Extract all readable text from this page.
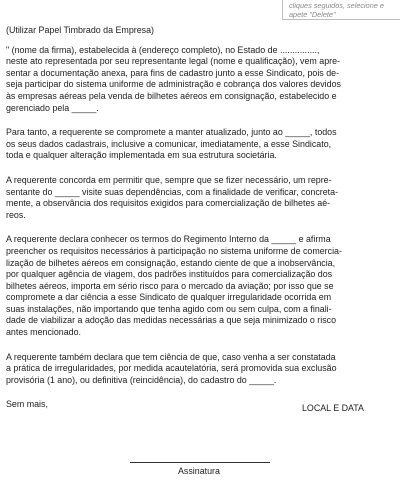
cliques seguidos, selecione e
apete "Delete"

(Utilizar Papel Timbrado da Empresa)

" (nome da firma), estabelecida à (endereço completo), no Estado de ...............,
neste ato representada por seu representante legal (nome e qualificação), vem apre-
sentar a documentação anexa, para fins de cadastro junto a esse Sindicato, pois de-
seja participar do sistema uniforme de administração e cobrança dos valores devidos
às empresas aéreas pela venda de bilhetes aéreos em consignação, estabelecido e
gerenciado pela _____.

Para tanto, a requerente se compromete a manter atualizado, junto ao _____, todos
os seus dados cadastrais, inclusive a comunicar, imediatamente, a esse Sindicato,
toda e qualquer alteração implementada em sua estrutura societária.

A requerente concorda em permitir que, sempre que se fizer necessário, um repre-
sentante do _____ visite suas dependências, com a finalidade de verificar, concreta-
mente, a observância dos requisitos exigidos para comercialização de bilhetes aé-
reos.

A requerente declara conhecer os termos do Regimento Interno da _____ e afirma
preencher os requisitos necessários à participação no sistema uniforme de comercia-
lização de bilhetes aéreos em consignação, estando ciente de que a inobservância,
por qualquer agência de viagem, dos padrões instituídos para comercialização dos
bilhetes aéreos, importa em sério risco para o mercado da aviação; por isso que se
compromete a dar ciência a esse Sindicato de qualquer irregularidade ocorrida em
suas instalações, não importando que tenha agido com ou sem culpa, com a finali-
dade de viabilizar a adoção das medidas necessárias a que seja minimizado o risco
antes mencionado.

A requerente também declara que tem ciência de que, caso venha a ser constatada
a prática de irregularidades, por medida acautelatória, será promovida sua exclusão
provisória (1 ano), ou definitiva (reincidência), do cadastro do _____.

Sem mais,	LOCAL E DATA
Assinatura
